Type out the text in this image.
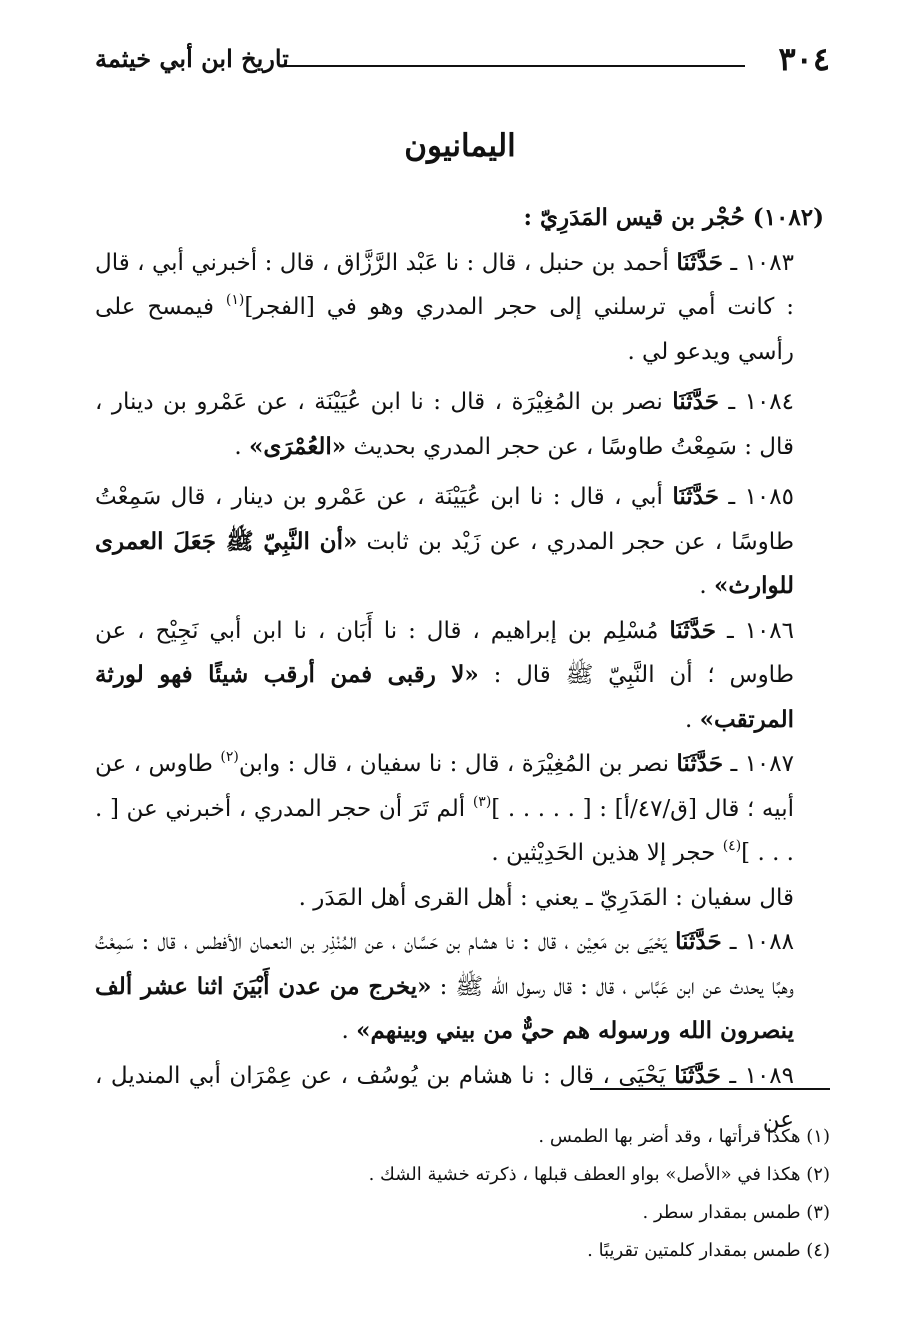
٣٠٤
تاريخ ابن أبي خيثمة
اليمانيون

(١٠٨٢) حُجْر بن قيس المَدَرِيّ :

١٠٨٣ ـ حَدَّثَنَا أحمد بن حنبل ، قال : نا عَبْد الرَّزَّاق ، قال : أخبرني أبي ، قال : كانت أمي ترسلني إلى حجر المدري وهو في [الفجر]$^{(١)}$ فيمسح على رأسي ويدعو لي .

١٠٨٤ ـ حَدَّثَنَا نصر بن المُغِيْرَة ، قال : نا ابن عُيَيْنَة ، عن عَمْرو بن دينار ، قال : سَمِعْتُ طاوسًا ، عن حجر المدري بحديث «العُمْرَى» .

١٠٨٥ ـ حَدَّثَنَا أبي ، قال : نا ابن عُيَيْنَة ، عن عَمْرو بن دينار ، قال سَمِعْتُ طاوسًا ، عن حجر المدري ، عن زَيْد بن ثابت «أن النَّبِيّ ﷺ جَعَلَ العمرى للوارث» .

١٠٨٦ ـ حَدَّثَنَا مُسْلِم بن إبراهيم ، قال : نا أَبَان ، نا ابن أبي نَجِيْح ، عن طاوس ؛ أن النَّبِيّ ﷺ قال : «لا رقبى فمن أرقب شيئًا فهو لورثة المرتقب» .

١٠٨٧ ـ حَدَّثَنَا نصر بن المُغِيْرَة ، قال : نا سفيان ، قال : وابن$^{(٢)}$ طاوس ، عن أبيه ؛ قال [ق/٤٧/أ] : [ . . . . . ]$^{(٣)}$ ألم تَرَ أن حجر المدري ، أخبرني عن [ . . . . ]$^{(٤)}$ حجر إلا هذين الحَدِيْثين .

قال سفيان : المَدَرِيّ ـ يعني : أهل القرى أهل المَدَر .

١٠٨٨ ـ حَدَّثَنَا يَحْيَى بن مَعِيْن ، قال : نا هشام بن حَسَّان ، عن المُنْذِر بن النعمان الأفطس ، قال : سَمِعْتُ وهبًا يحدث عن ابن عَبَّاس ، قال : قال رسول الله ﷺ : «يخرج من عدن أَبْيَنَ اثنا عشر ألف ينصرون الله ورسوله هم حيٌّ من بيني وبينهم» .

١٠٨٩ ـ حَدَّثَنَا يَحْيَى ، قال : نا هشام بن يُوسُف ، عن عِمْرَان أبي المنديل ، عن

(١) هكذا قرأتها ، وقد أضر بها الطمس .
(٢) هكذا في «الأصل» بواو العطف قبلها ، ذكرته خشية الشك .
(٣) طمس بمقدار سطر .
(٤) طمس بمقدار كلمتين تقريبًا .
